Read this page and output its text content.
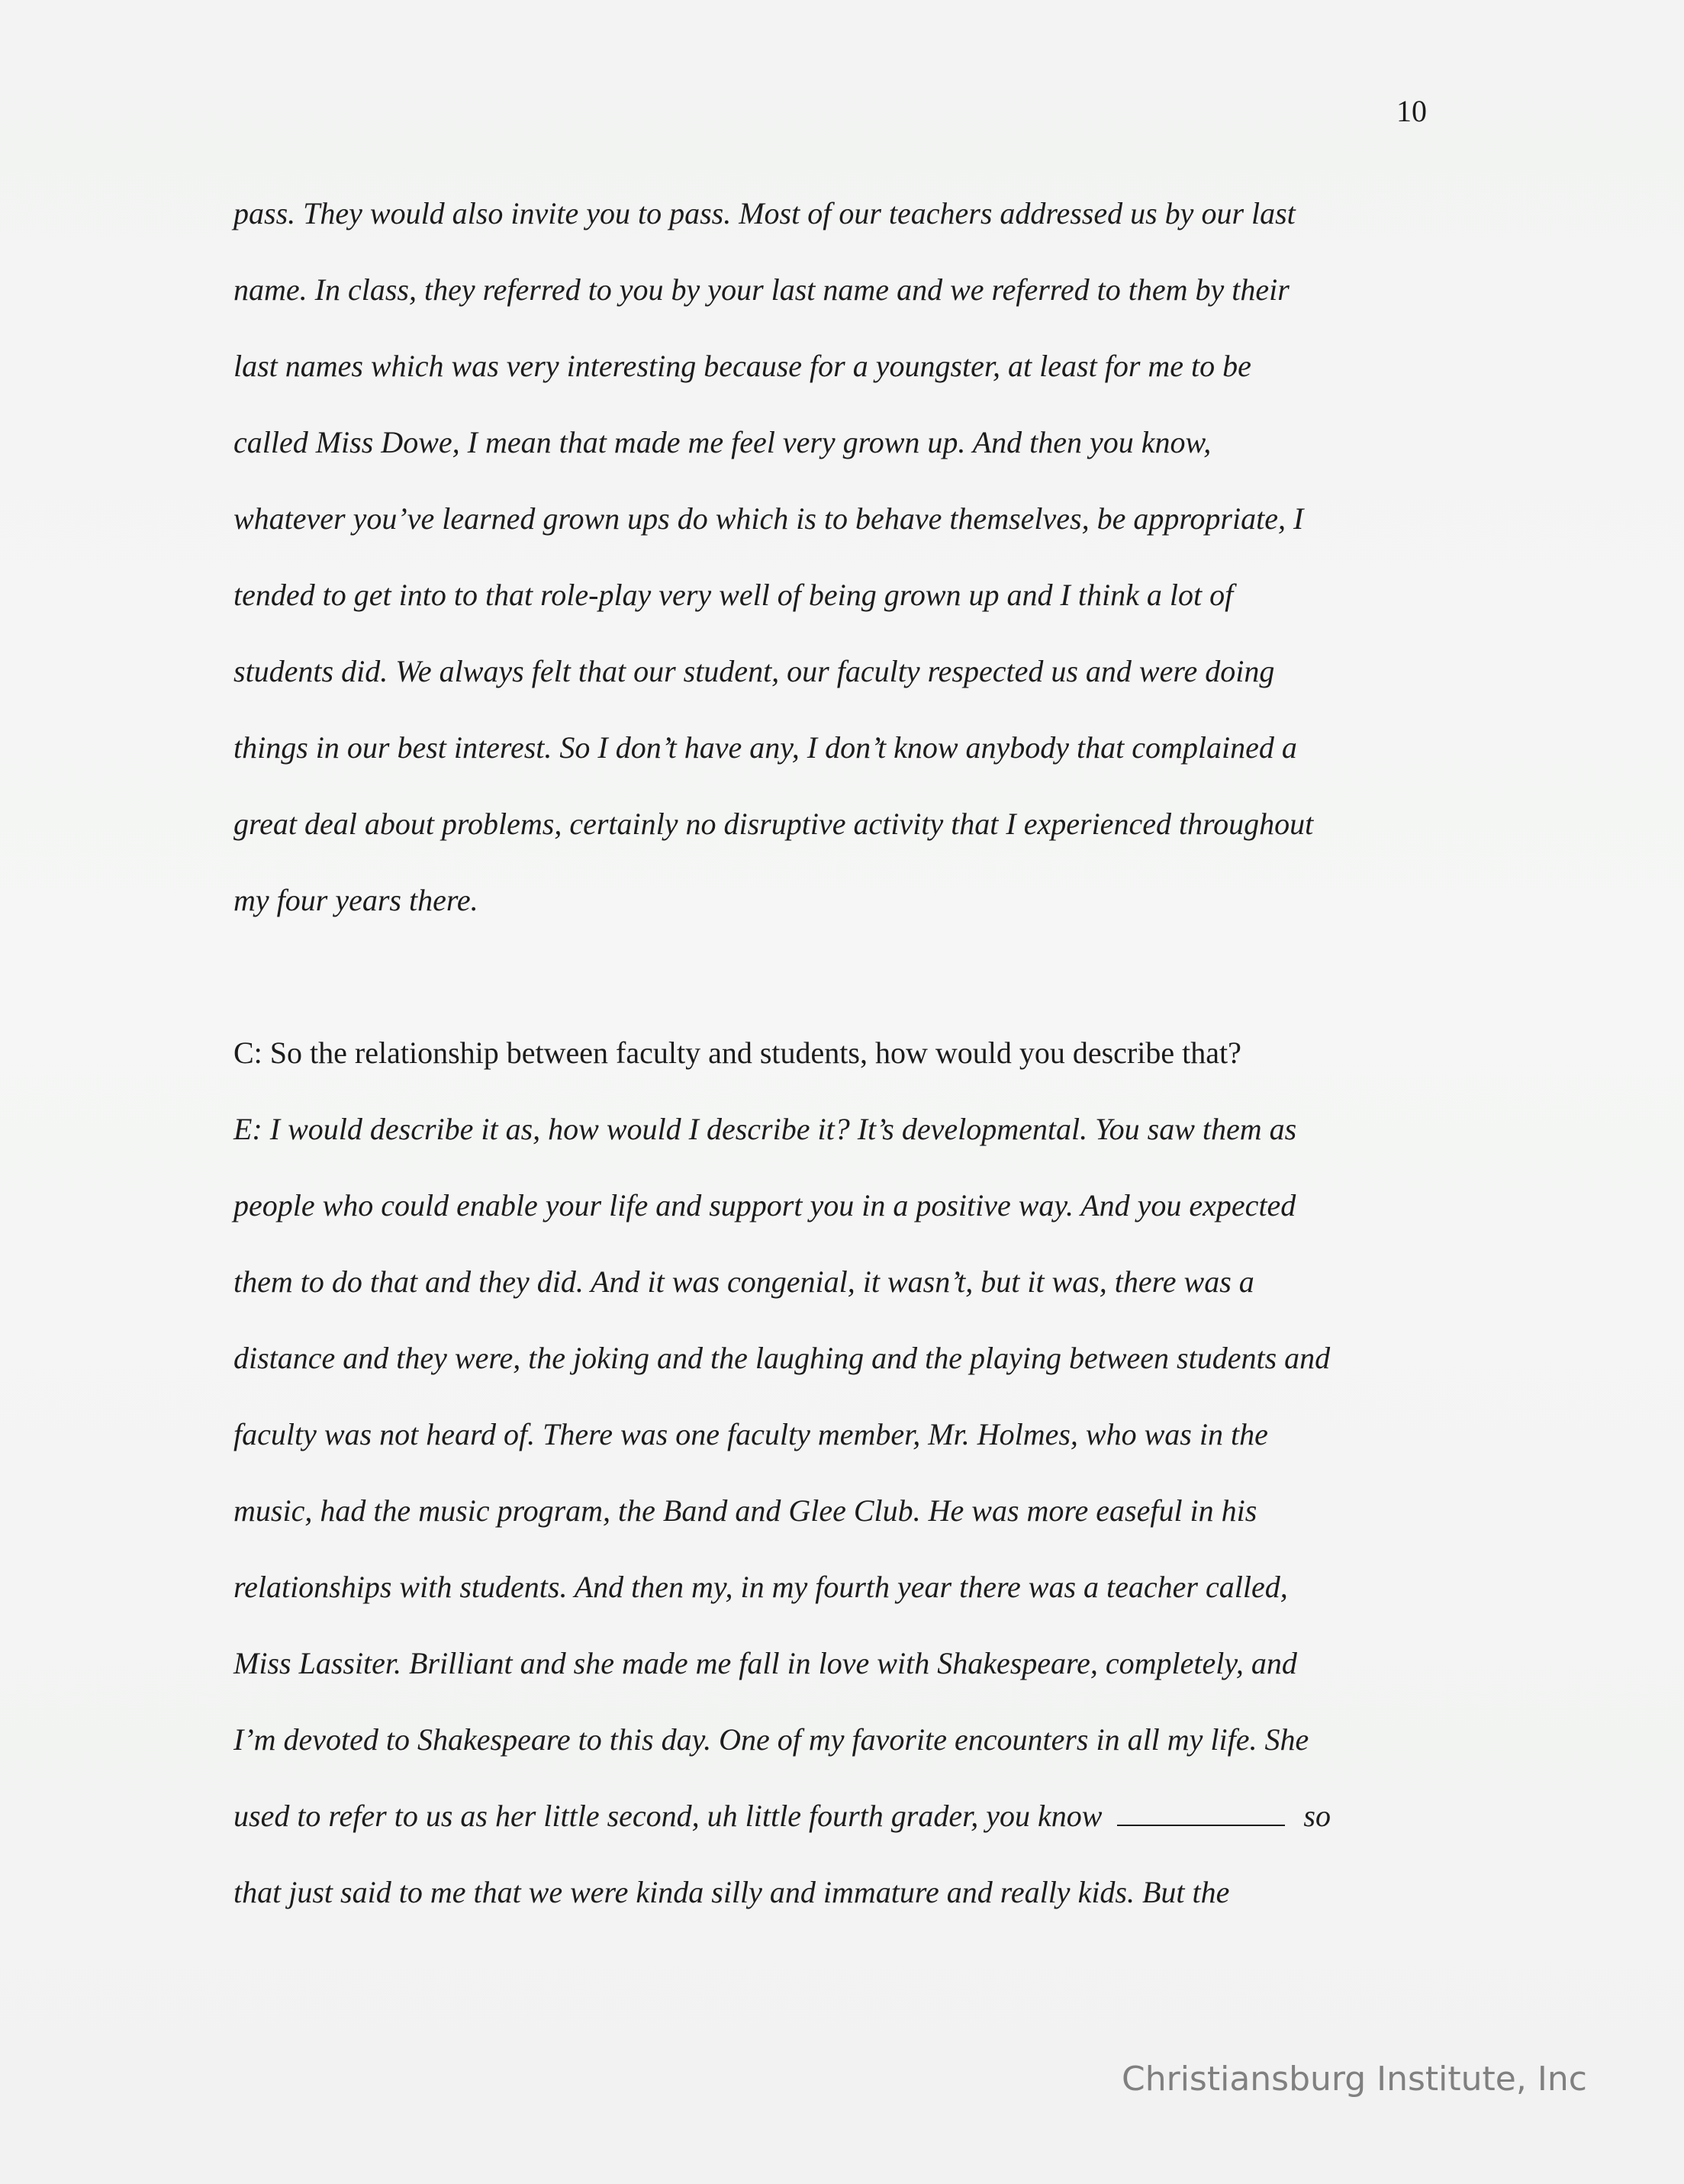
10
pass. They would also invite you to pass. Most of our teachers addressed us by our last
name. In class, they referred to you by your last name and we referred to them by their
last names which was very interesting because for a youngster, at least for me to be
called Miss Dowe, I mean that made me feel very grown up. And then you know,
whatever you’ve learned grown ups do which is to behave themselves, be appropriate, I
tended to get into to that role-play very well of being grown up and I think a lot of
students did. We always felt that our student, our faculty respected us and were doing
things in our best interest. So I don’t have any, I don’t know anybody that complained a
great deal about problems, certainly no disruptive activity that I experienced throughout
my four years there.
C: So the relationship between faculty and students, how would you describe that?
E: I would describe it as, how would I describe it? It’s developmental. You saw them as
people who could enable your life and support you in a positive way. And you expected
them to do that and they did. And it was congenial, it wasn’t, but it was, there was a
distance and they were, the joking and the laughing and the playing between students and
faculty was not heard of. There was one faculty member, Mr. Holmes, who was in the
music, had the music program, the Band and Glee Club. He was more easeful in his
relationships with students. And then my, in my fourth year there was a teacher called,
Miss Lassiter. Brilliant and she made me fall in love with Shakespeare, completely, and
I’m devoted to Shakespeare to this day. One of my favorite encounters in all my life. She
used to refer to us as her little second, uh little fourth grader, you know	so
that just said to me that we were kinda silly and immature and really kids. But the
Christiansburg Institute, Inc
